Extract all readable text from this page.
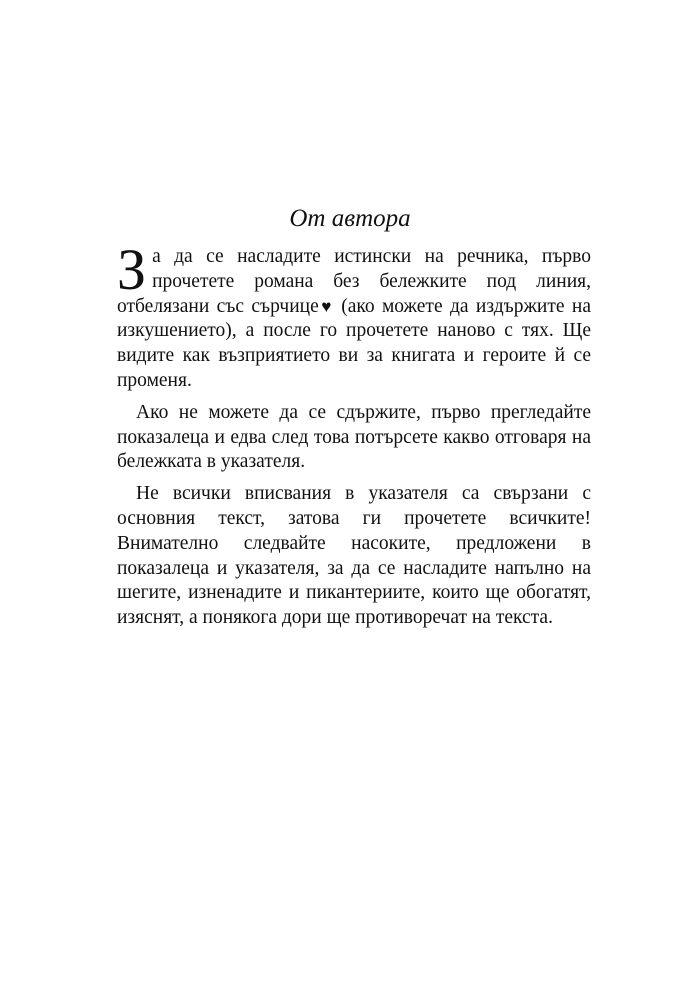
От автора

За да се насладите истински на речника, първо прочетете романа без бележките под линия, отбелязани със сърчице♥ (ако можете да издържите на изкушението), а после го прочетете наново с тях. Ще видите как възприятието ви за книгата и героите й се променя.

Ако не можете да се сдържите, първо прегледайте показалеца и едва след това потърсете какво отговаря на бележката в указателя.

Не всички вписвания в указателя са свързани с основния текст, затова ги прочетете всичките! Внимателно следвайте насоките, предложени в показалеца и указателя, за да се насладите напълно на шегите, изненадите и пикантериите, които ще обогатят, изяснят, а понякога дори ще противоречат на текста.
